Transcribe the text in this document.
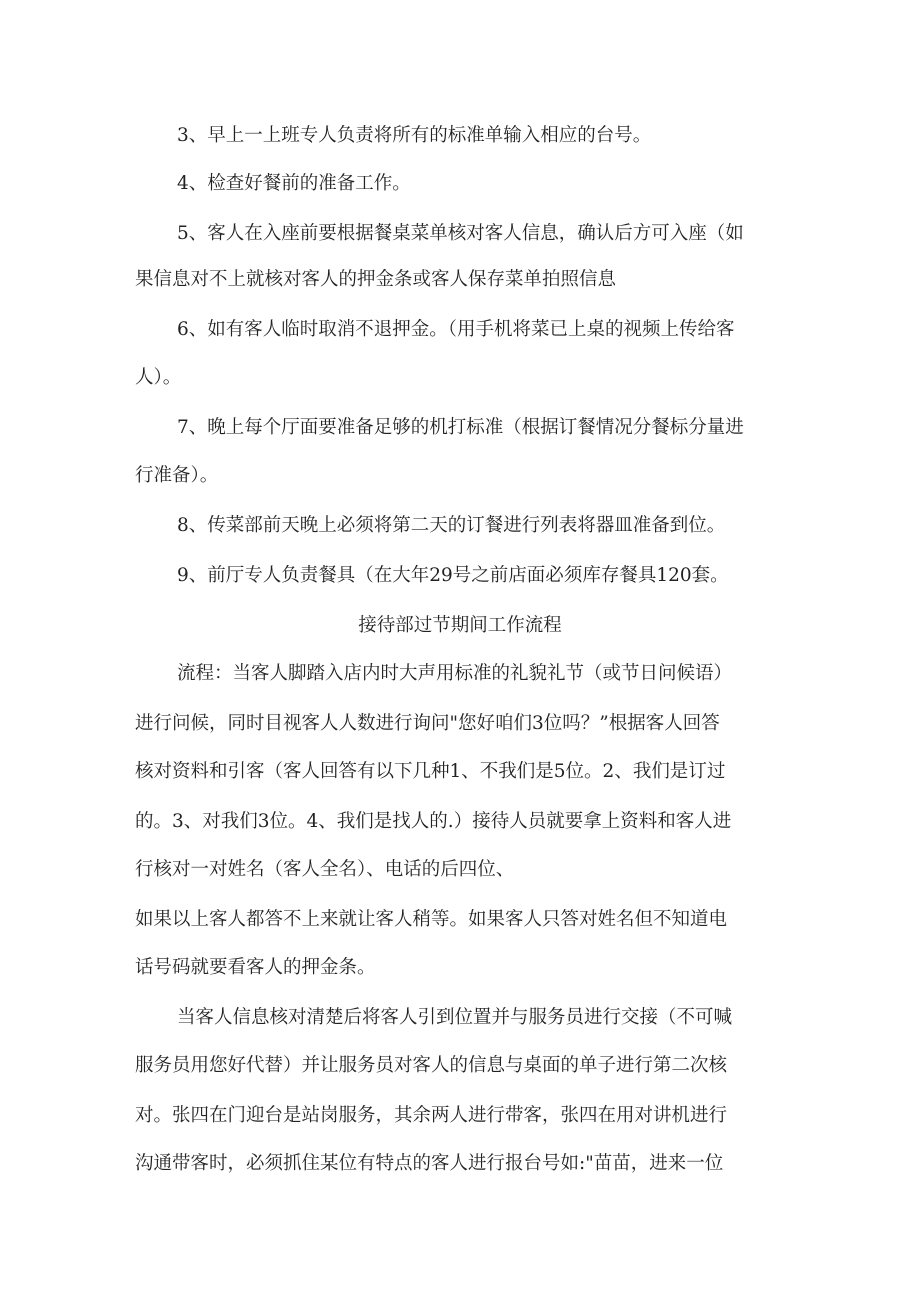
3、早上一上班专人负责将所有的标准单输入相应的台号。
4、检查好餐前的准备工作。
5、客人在入座前要根据餐桌菜单核对客人信息，确认后方可入座（如
果信息对不上就核对客人的押金条或客人保存菜单拍照信息
6、如有客人临时取消不退押金。（用手机将菜已上桌的视频上传给客
人）。
7、晚上每个厅面要准备足够的机打标准（根据订餐情况分餐标分量进
行准备）。
8、传菜部前天晚上必须将第二天的订餐进行列表将器皿准备到位。
9、前厅专人负责餐具（在大年29号之前店面必须库存餐具120套。
接待部过节期间工作流程
流程：当客人脚踏入店内时大声用标准的礼貌礼节（或节日问候语）
进行问候，同时目视客人人数进行询问"您好咱们3位吗？”根据客人回答
核对资料和引客（客人回答有以下几种1、不我们是5位。2、我们是订过
的。3、对我们3位。4、我们是找人的.）接待人员就要拿上资料和客人进
行核对一对姓名（客人全名）、电话的后四位、
如果以上客人都答不上来就让客人稍等。如果客人只答对姓名但不知道电
话号码就要看客人的押金条。
当客人信息核对清楚后将客人引到位置并与服务员进行交接（不可喊
服务员用您好代替）并让服务员对客人的信息与桌面的单子进行第二次核
对。张四在门迎台是站岗服务，其余两人进行带客，张四在用对讲机进行
沟通带客时，必须抓住某位有特点的客人进行报台号如:"苗苗，进来一位
